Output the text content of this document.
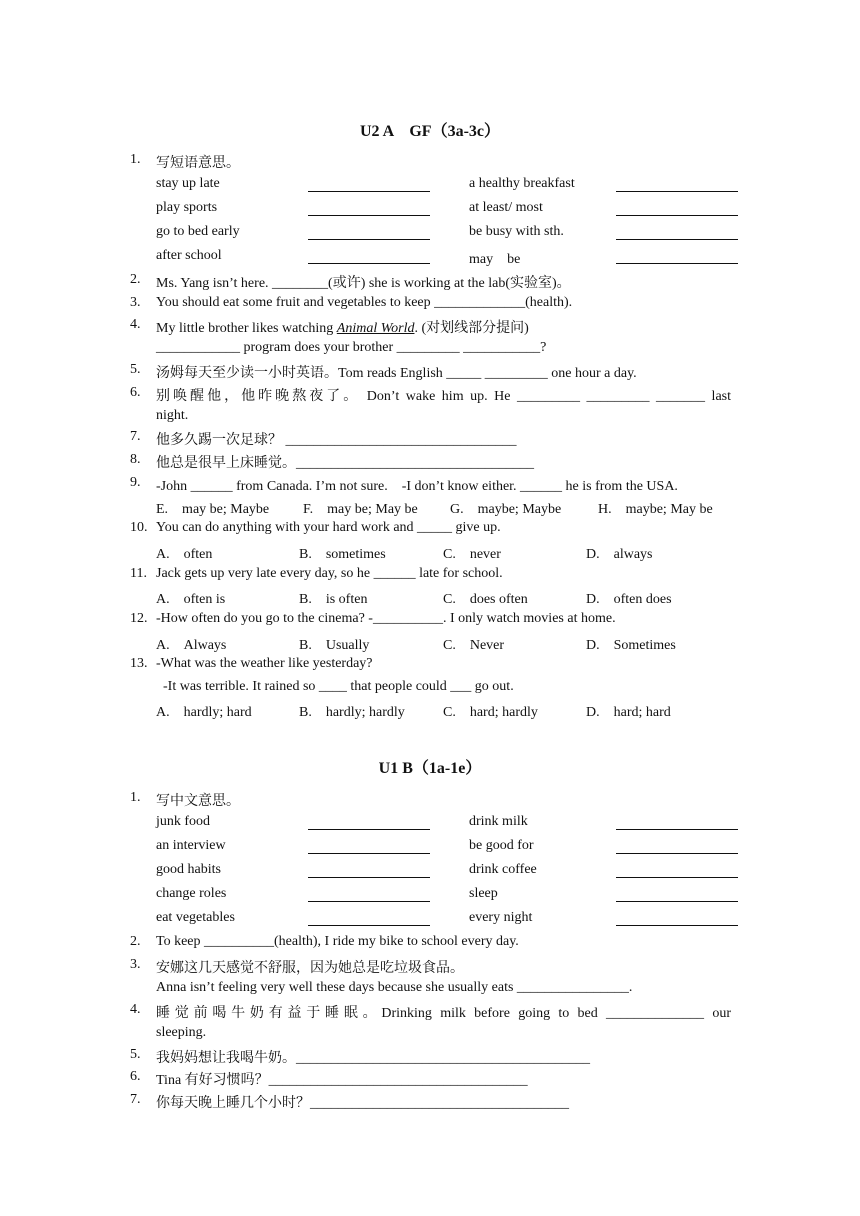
U2 A　GF（3a-3c）
1. 写短语意思。
stay up late	a healthy breakfast
play sports	at least/ most
go to bed early	be busy with sth.
after school	may　be
2. Ms. Yang isn’t here. ________(或许) she is working at the lab(实验室)。
3. You should eat some fruit and vegetables to keep _____________(health).
4. My little brother likes watching Animal World. (对划线部分提问)
____________ program does your brother _________ ___________?
5. 汤姆每天至少读一小时英语。Tom reads English _____ _________ one hour a day.
6. 别唤醒他，他昨晚熬夜了。 Don’t wake him up. He _________ _________ _______ last
night.
7. 他多久踢一次足球？ _________________________________
8. 他总是很早上床睡觉。__________________________________
9. -John ______ from Canada. I’m not sure.　-I don’t know either. ______ he is from the USA.
E.　may be; Maybe F.　may be; May be G.　maybe; Maybe	H.　maybe; May be
10. You can do anything with your hard work and _____ give up.
A.　often	B.　sometimes	C.　never	D.　always
11. Jack gets up very late every day, so he ______ late for school.
A.　often is	B.　is often	C.　does often	D.　often does
12. -How often do you go to the cinema? -__________. I only watch movies at home.
A.　Always	B.　Usually	C.　Never	D.　Sometimes
13. -What was the weather like yesterday?
-It was terrible. It rained so ____ that people could ___ go out.
A.　hardly; hard	B.　hardly; hardly	C.　hard; hardly	D.　hard; hard
U1 B（1a-1e）
1. 写中文意思。
junk food	drink milk
an interview	be good for
good habits	drink coffee
change roles	sleep
eat vegetables	every night
2. To keep __________(health), I ride my bike to school every day.
3. 安娜这几天感觉不舒服，因为她总是吃垃圾食品。
Anna isn’t feeling very well these days because she usually eats ________________.
4. 睡觉前喝牛奶有益于睡眠。Drinking milk before going to bed ______________ our
sleeping.
5. 我妈妈想让我喝牛奶。__________________________________________
6. Tina 有好习惯吗？_____________________________________
7. 你每天晚上睡几个小时？_____________________________________
